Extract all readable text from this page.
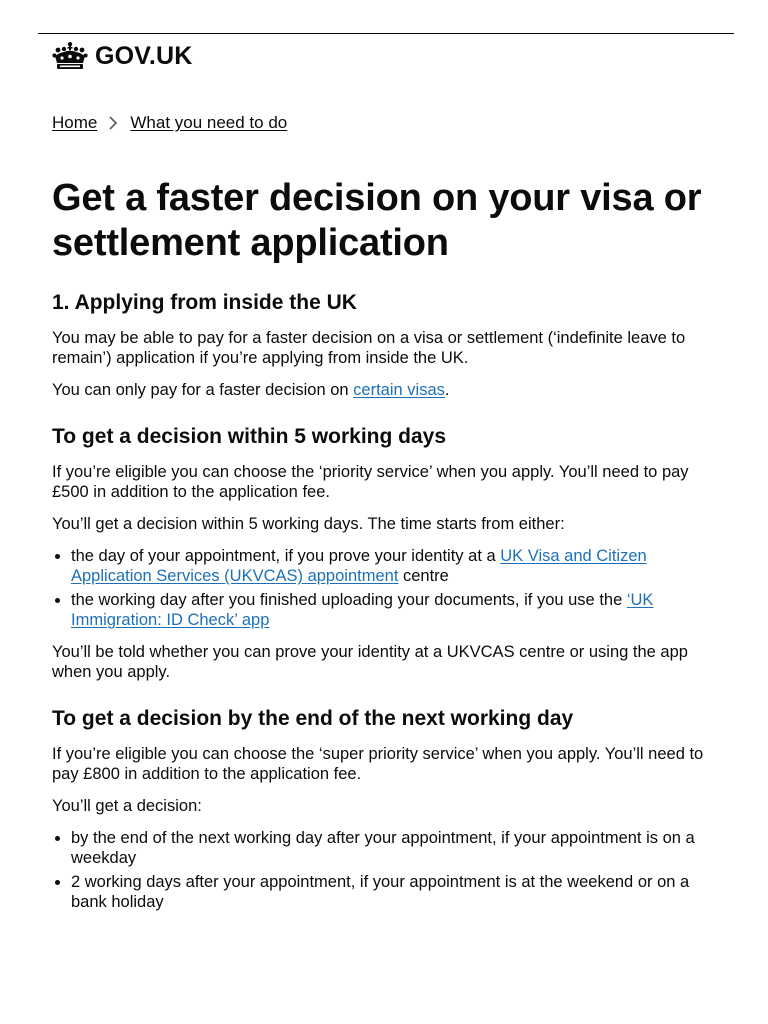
GOV.UK
Home What you need to do
Get a faster decision on your visa or settlement application
1. Applying from inside the UK

You may be able to pay for a faster decision on a visa or settlement (‘indefinite leave to remain’) application if you’re applying from inside the UK.

You can only pay for a faster decision on certain visas.

To get a decision within 5 working days

If you’re eligible you can choose the ‘priority service’ when you apply. You’ll need to pay £500 in addition to the application fee.

You’ll get a decision within 5 working days. The time starts from either:

• the day of your appointment, if you prove your identity at a UK Visa and Citizen Application Services (UKVCAS) appointment centre
• the working day after you finished uploading your documents, if you use the ‘UK Immigration: ID Check’ app

You’ll be told whether you can prove your identity at a UKVCAS centre or using the app when you apply.

To get a decision by the end of the next working day

If you’re eligible you can choose the ‘super priority service’ when you apply. You’ll need to pay £800 in addition to the application fee.

You’ll get a decision:

• by the end of the next working day after your appointment, if your appointment is on a weekday
• 2 working days after your appointment, if your appointment is at the weekend or on a bank holiday
